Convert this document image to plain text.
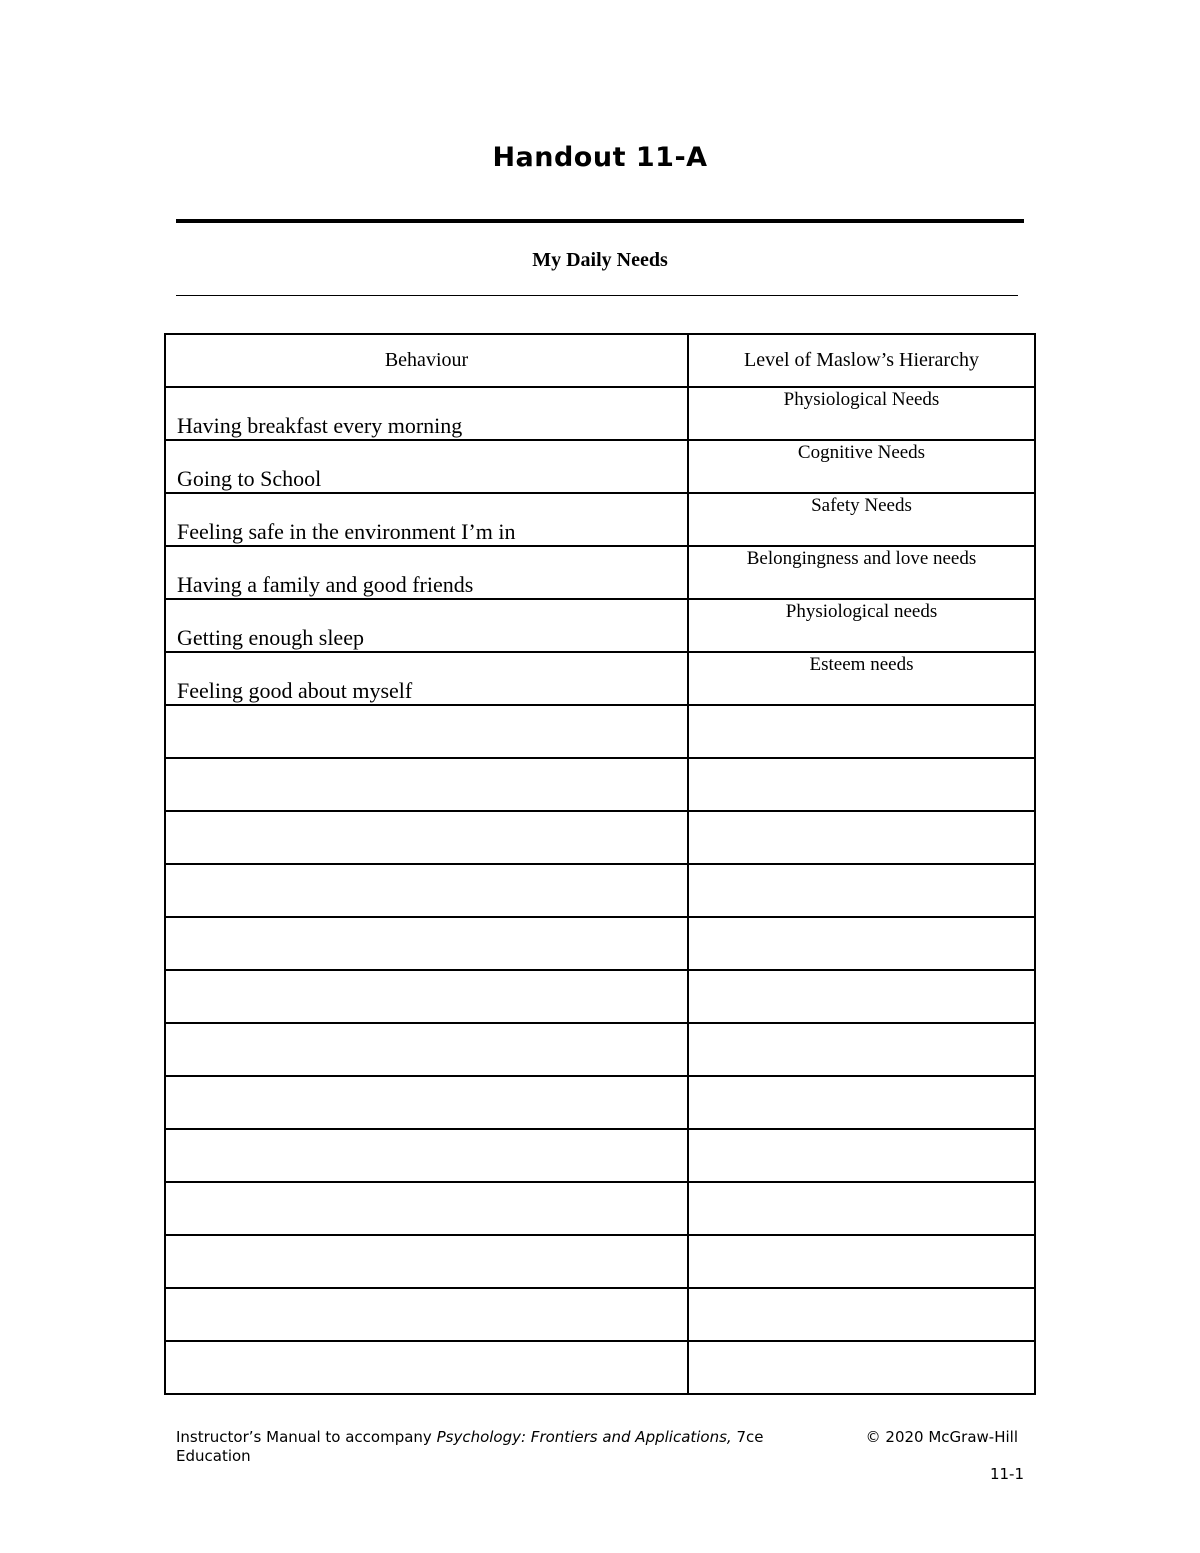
Handout 11-A
My Daily Needs
Behaviour	Level of Maslow’s Hierarchy
Having breakfast every morning	Physiological Needs
Going to School	Cognitive Needs
Feeling safe in the environment I’m in	Safety Needs
Having a family and good friends	Belongingness and love needs
Getting enough sleep	Physiological needs
Feeling good about myself	Esteem needs

Instructor’s Manual to accompany Psychology: Frontiers and Applications, 7ce	© 2020 McGraw-Hill
Education
11-1
